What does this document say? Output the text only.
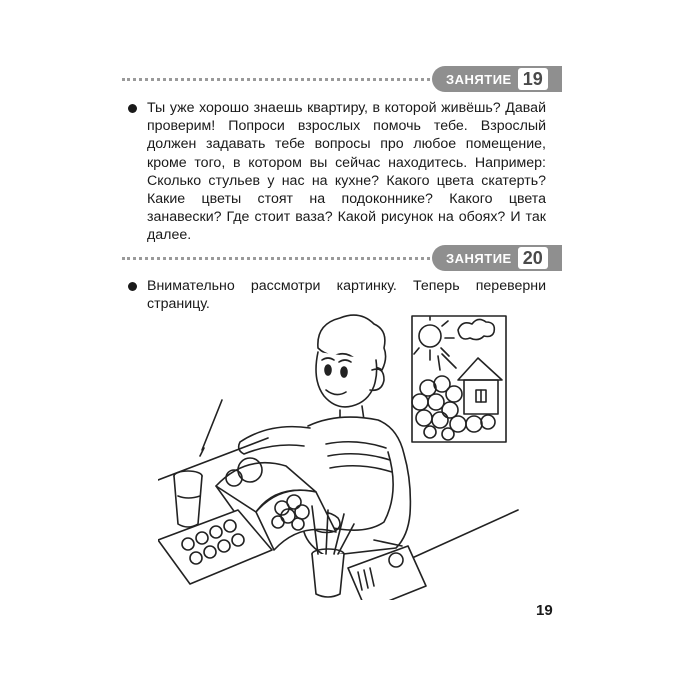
ЗАНЯТИЕ 19
Ты уже хорошо знаешь квартиру, в которой живёшь? Давай проверим! Попроси взрослых помочь тебе. Взрослый должен задавать тебе вопросы про любое помещение, кроме того, в котором вы сейчас находитесь. Например: Сколько стульев у нас на кухне? Какого цвета скатерть? Какие цветы стоят на подоконнике? Какого цвета занавески? Где стоит ваза? Какой рисунок на обоях? И так далее.
ЗАНЯТИЕ 20
Внимательно рассмотри картинку. Теперь переверни страницу.
19
